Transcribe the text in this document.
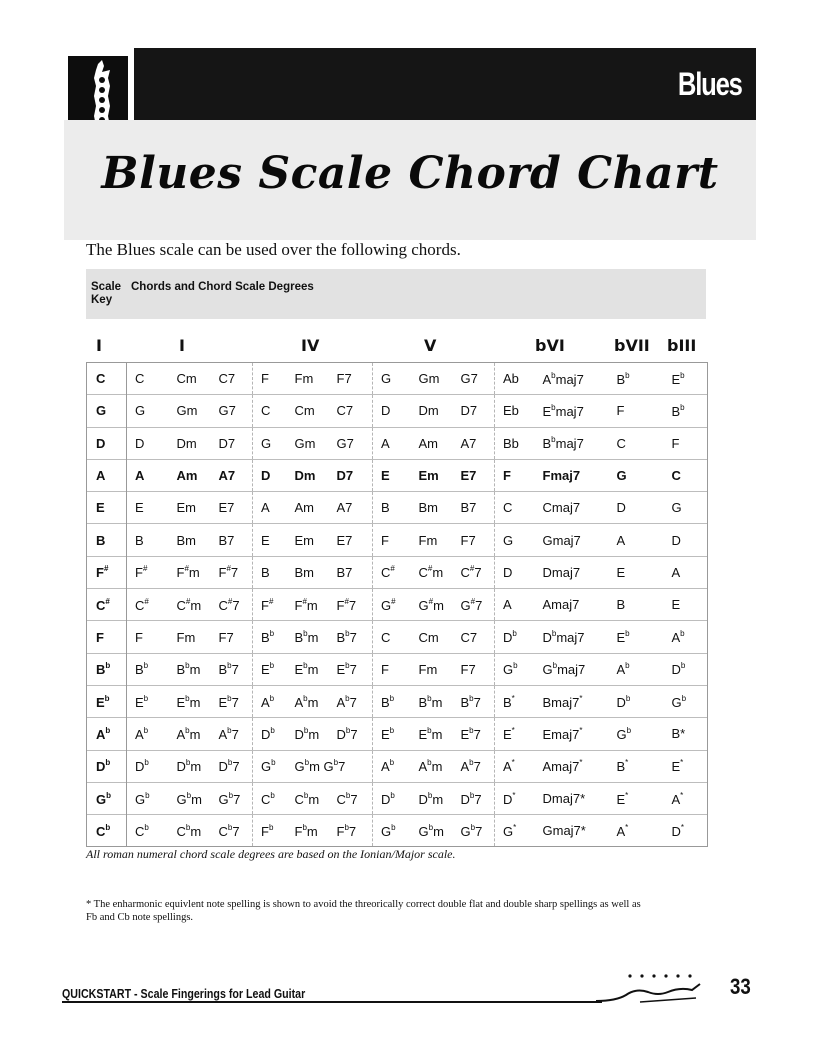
Blues
Blues Scale Chord Chart
The Blues scale can be used over the following chords.
Scale Key
Chords and Chord Scale Degrees
I	I	IV	V	bVI	bVII bIII
C	C	Cm	C7	F	Fm	F7	G	Gm	G7	Ab	$A^bmaj7$	$B^b$	$E^b$
G	G	Gm	G7	C	Cm	C7	D	Dm	D7	Eb	$E^bmaj7$	F	$B^b$
D	D	Dm	D7	G	Gm	G7	A	Am	A7	Bb	$B^bmaj7$	C	F
A	A	Am	A7	D	Dm	D7	E	Em	E7	F	Fmaj7	G	C
E	E	Em	E7	A	Am	A7	B	Bm	B7	C	Cmaj7	D	G
B	B	Bm	B7	E	Em	E7	F	Fm	F7	G	Gmaj7	A	D
F#	F#	F#m	F#7	B	Bm	B7	C#	C#m	C#7	D	Dmaj7	E	A
C#	C#	C#m	C#7	F#	F#m	F#7	G#	G#m	G#7	A	Amaj7	B	E
F	F	Fm	F7	$B^b$	$B^bm$	$B^b7$	C	Cm	C7	$D^b$	$D^bmaj7$	$E^b$	$A^b$
$B^b$	$B^b$	$B^bm$	$B^b7$	$E^b$	$E^bm$	$E^b7$	F	Fm	F7	$G^b$	$G^bmaj7$	$A^b$	$D^b$
$E^b$	$E^b$	$E^bm$	$E^b7$	$A^b$	$A^bm$	$A^b7$	$B^b$	$B^bm$	$B^b7$	B*	Bmaj7*	$D^b$	$G^b$
$A^b$	$A^b$	$A^bm$	$A^b7$	$D^b$	$D^bm$	$D^b7$	$E^b$	$E^bm$	$E^b7$	E*	Emaj7*	$G^b$	B*
$D^b$	$D^b$	$D^bm$	$D^b7$	$G^b$	$G^bm$ $G^b7$		$A^b$	$A^bm$	$A^b7$	A*	Amaj7*	B*	E*
$G^b$	$G^b$	$G^bm$	$G^b7$	$C^b$	$C^bm$	$C^b7$	$D^b$	$D^bm$	$D^b7$	D*	Dmaj7*	E*	A*
$C^b$	$C^b$	$C^bm$	$C^b7$	$F^b$	$F^bm$	$F^b7$	$G^b$	$G^bm$	$G^b7$	G*	Gmaj7*	A*	D*
All roman numeral chord scale degrees are based on the Ionian/Major scale.
* The enharmonic equivlent note spelling is shown to avoid the threorically correct double flat and double sharp spellings as well as Fb and Cb note spellings.
QUICKSTART - Scale Fingerings for Lead Guitar	33
